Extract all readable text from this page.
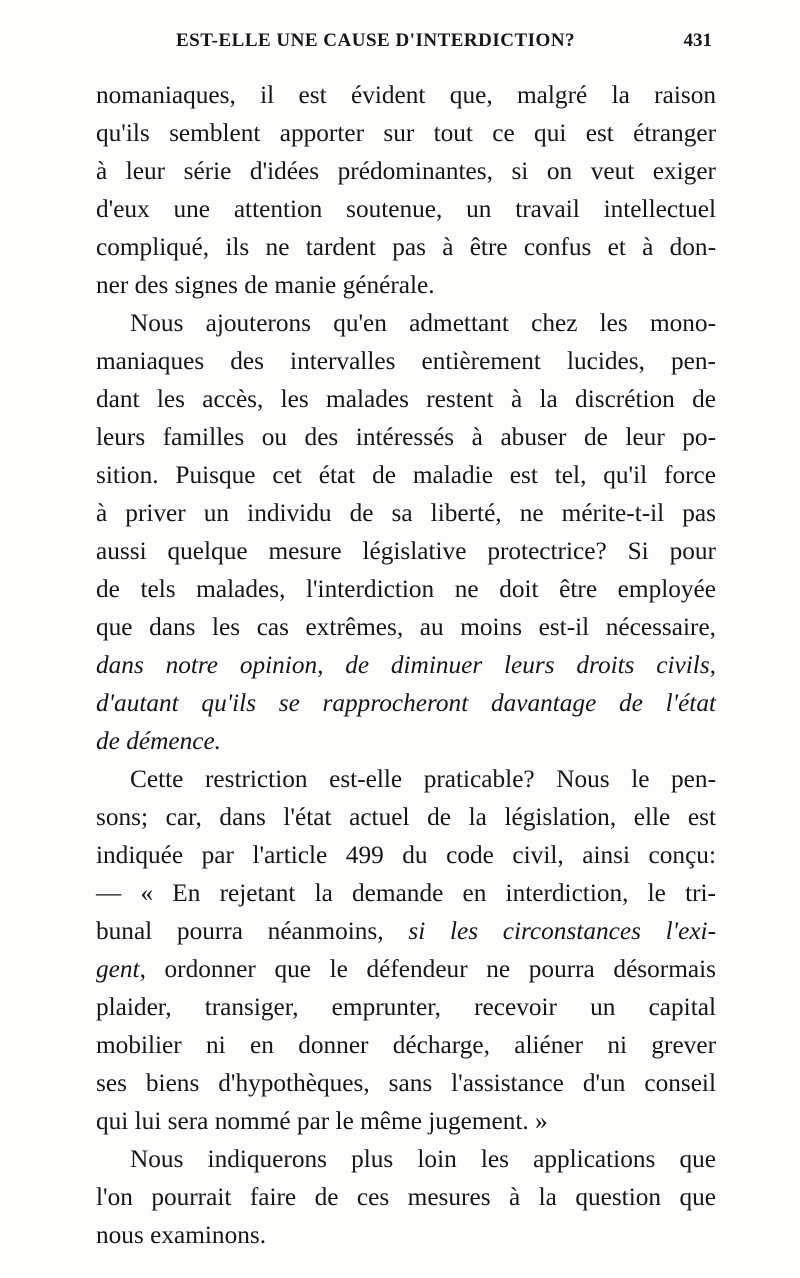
EST-ELLE UNE CAUSE D'INTERDICTION?	431
nomaniaques, il est évident que, malgré la raison
qu'ils semblent apporter sur tout ce qui est étranger
à leur série d'idées prédominantes, si on veut exiger
d'eux une attention soutenue, un travail intellectuel
compliqué, ils ne tardent pas à être confus et à don-
ner des signes de manie générale.
Nous ajouterons qu'en admettant chez les mono-
maniaques des intervalles entièrement lucides, pen-
dant les accès, les malades restent à la discrétion de
leurs familles ou des intéressés à abuser de leur po-
sition. Puisque cet état de maladie est tel, qu'il force
à priver un individu de sa liberté, ne mérite-t-il pas
aussi quelque mesure législative protectrice? Si pour
de tels malades, l'interdiction ne doit être employée
que dans les cas extrêmes, au moins est-il nécessaire,
dans notre opinion, de diminuer leurs droits civils,
d'autant qu'ils se rapprocheront davantage de l'état
de démence.
Cette restriction est-elle praticable? Nous le pen-
sons; car, dans l'état actuel de la législation, elle est
indiquée par l'article 499 du code civil, ainsi conçu:
— « En rejetant la demande en interdiction, le tri-
bunal pourra néanmoins, si les circonstances l'exi-
gent, ordonner que le défendeur ne pourra désormais
plaider, transiger, emprunter, recevoir un capital
mobilier ni en donner décharge, aliéner ni grever
ses biens d'hypothèques, sans l'assistance d'un conseil
qui lui sera nommé par le même jugement. »
Nous indiquerons plus loin les applications que
l'on pourrait faire de ces mesures à la question que
nous examinons.
